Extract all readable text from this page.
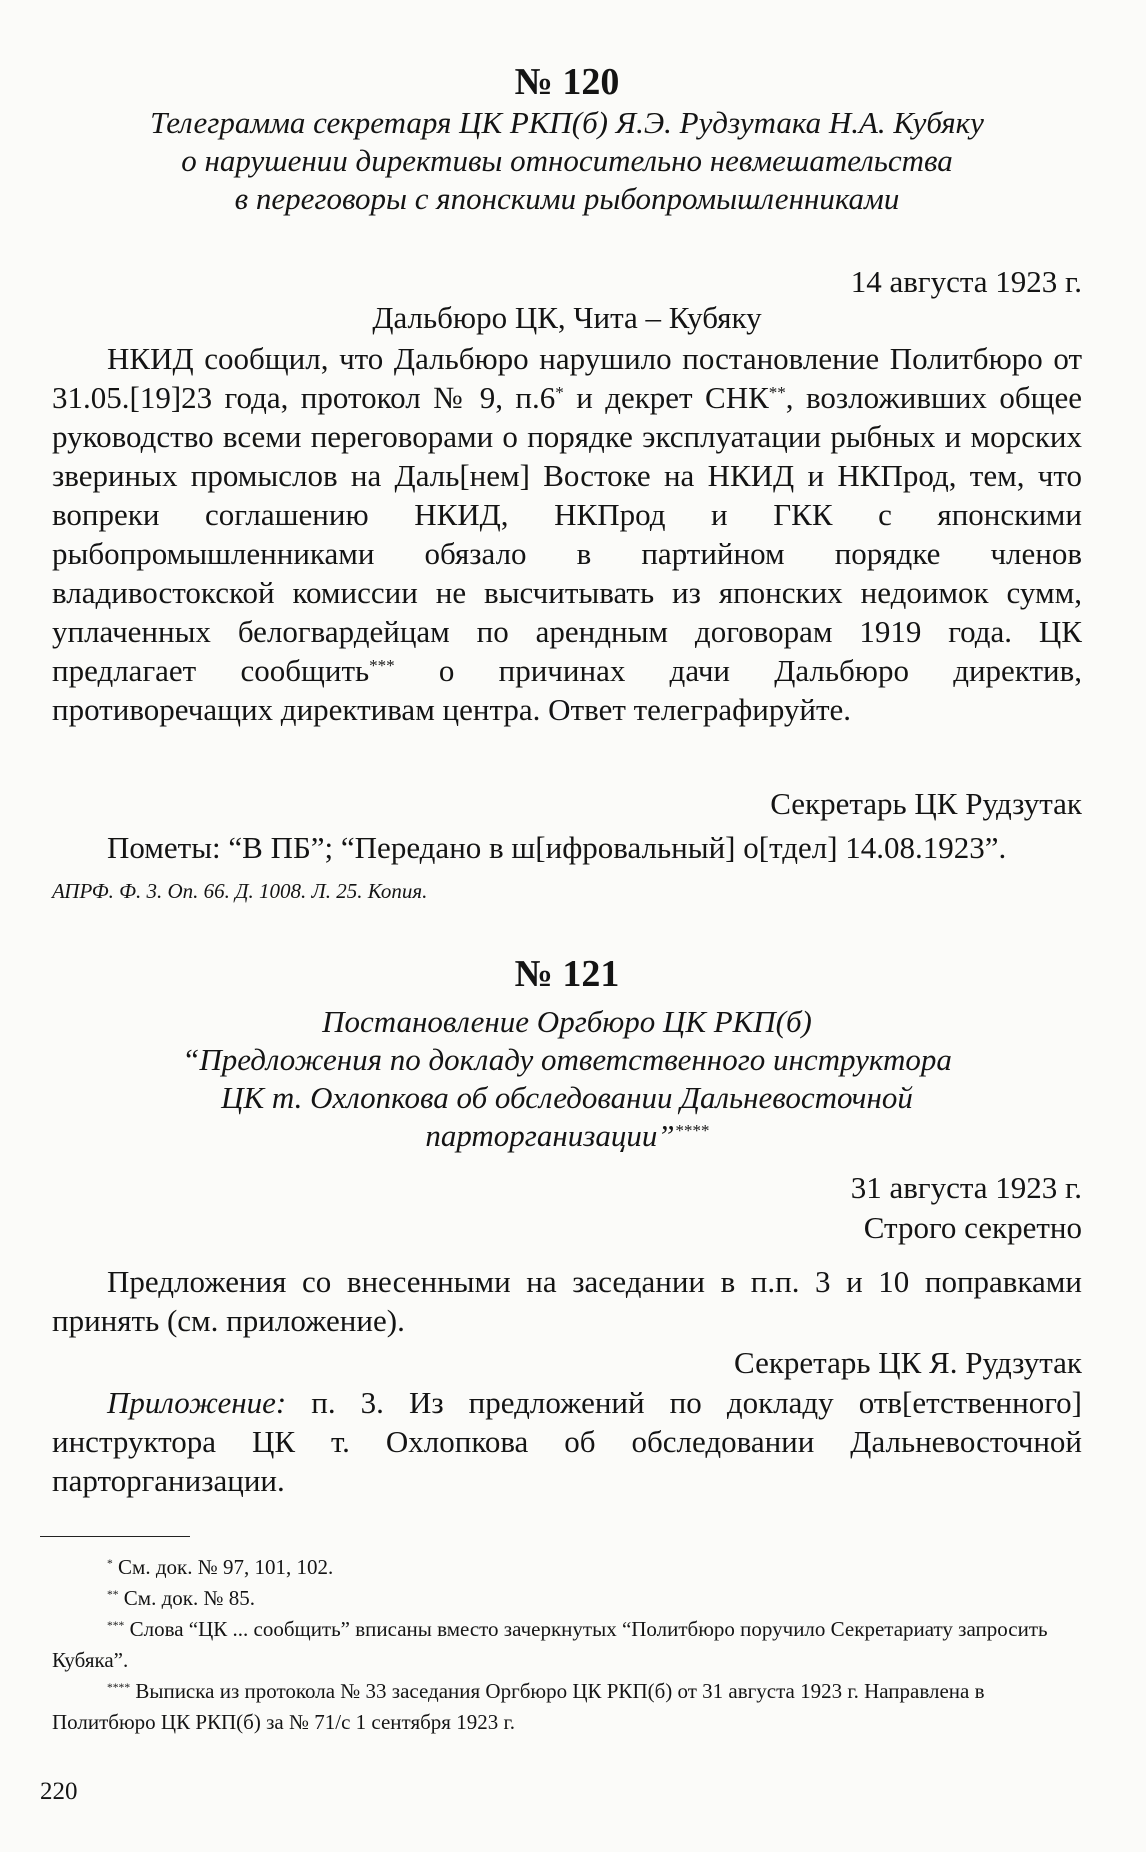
№ 120
Телеграмма секретаря ЦК РКП(б) Я.Э. Рудзутака Н.А. Кубяку
о нарушении директивы относительно невмешательства
в переговоры с японскими рыбопромышленниками
14 августа 1923 г.
Дальбюро ЦК, Чита – Кубяку

НКИД сообщил, что Дальбюро нарушило постановление Политбюро от 31.05.[19]23 года, протокол № 9, п.6* и декрет СНК**, возложивших общее руководство всеми переговорами о порядке эксплуатации рыбных и морских звериных промыслов на Даль[нем] Востоке на НКИД и НКПрод, тем, что вопреки соглашению НКИД, НКПрод и ГКК с японскими рыбопромышленниками обязало в партийном порядке членов владивостокской комиссии не высчитывать из японских недоимок сумм, уплаченных белогвардейцам по арендным договорам 1919 года. ЦК предлагает сообщить*** о причинах дачи Дальбюро директив, противоречащих директивам центра. Ответ телеграфируйте.

Секретарь ЦК Рудзутак

Пометы: “В ПБ”; “Передано в ш[ифровальный] о[тдел] 14.08.1923”.

АПРФ. Ф. 3. Оп. 66. Д. 1008. Л. 25. Копия.
№ 121
Постановление Оргбюро ЦК РКП(б)
“Предложения по докладу ответственного инструктора
ЦК т. Охлопкова об обследовании Дальневосточной
парторганизации”****
31 августа 1923 г.
Строго секретно

Предложения со внесенными на заседании в п.п. 3 и 10 поправками принять (см. приложение).

Секретарь ЦК Я. Рудзутак

Приложение: п. 3. Из предложений по докладу отв[етственного] инструктора ЦК т. Охлопкова об обследовании Дальневосточной парторганизации.

* См. док. № 97, 101, 102.

** См. док. № 85.

*** Слова “ЦК ... сообщить” вписаны вместо зачеркнутых “Политбюро поручило Секретариату запросить Кубяка”.

**** Выписка из протокола № 33 заседания Оргбюро ЦК РКП(б) от 31 августа 1923 г. Направлена в Политбюро ЦК РКП(б) за № 71/с 1 сентября 1923 г.

220
